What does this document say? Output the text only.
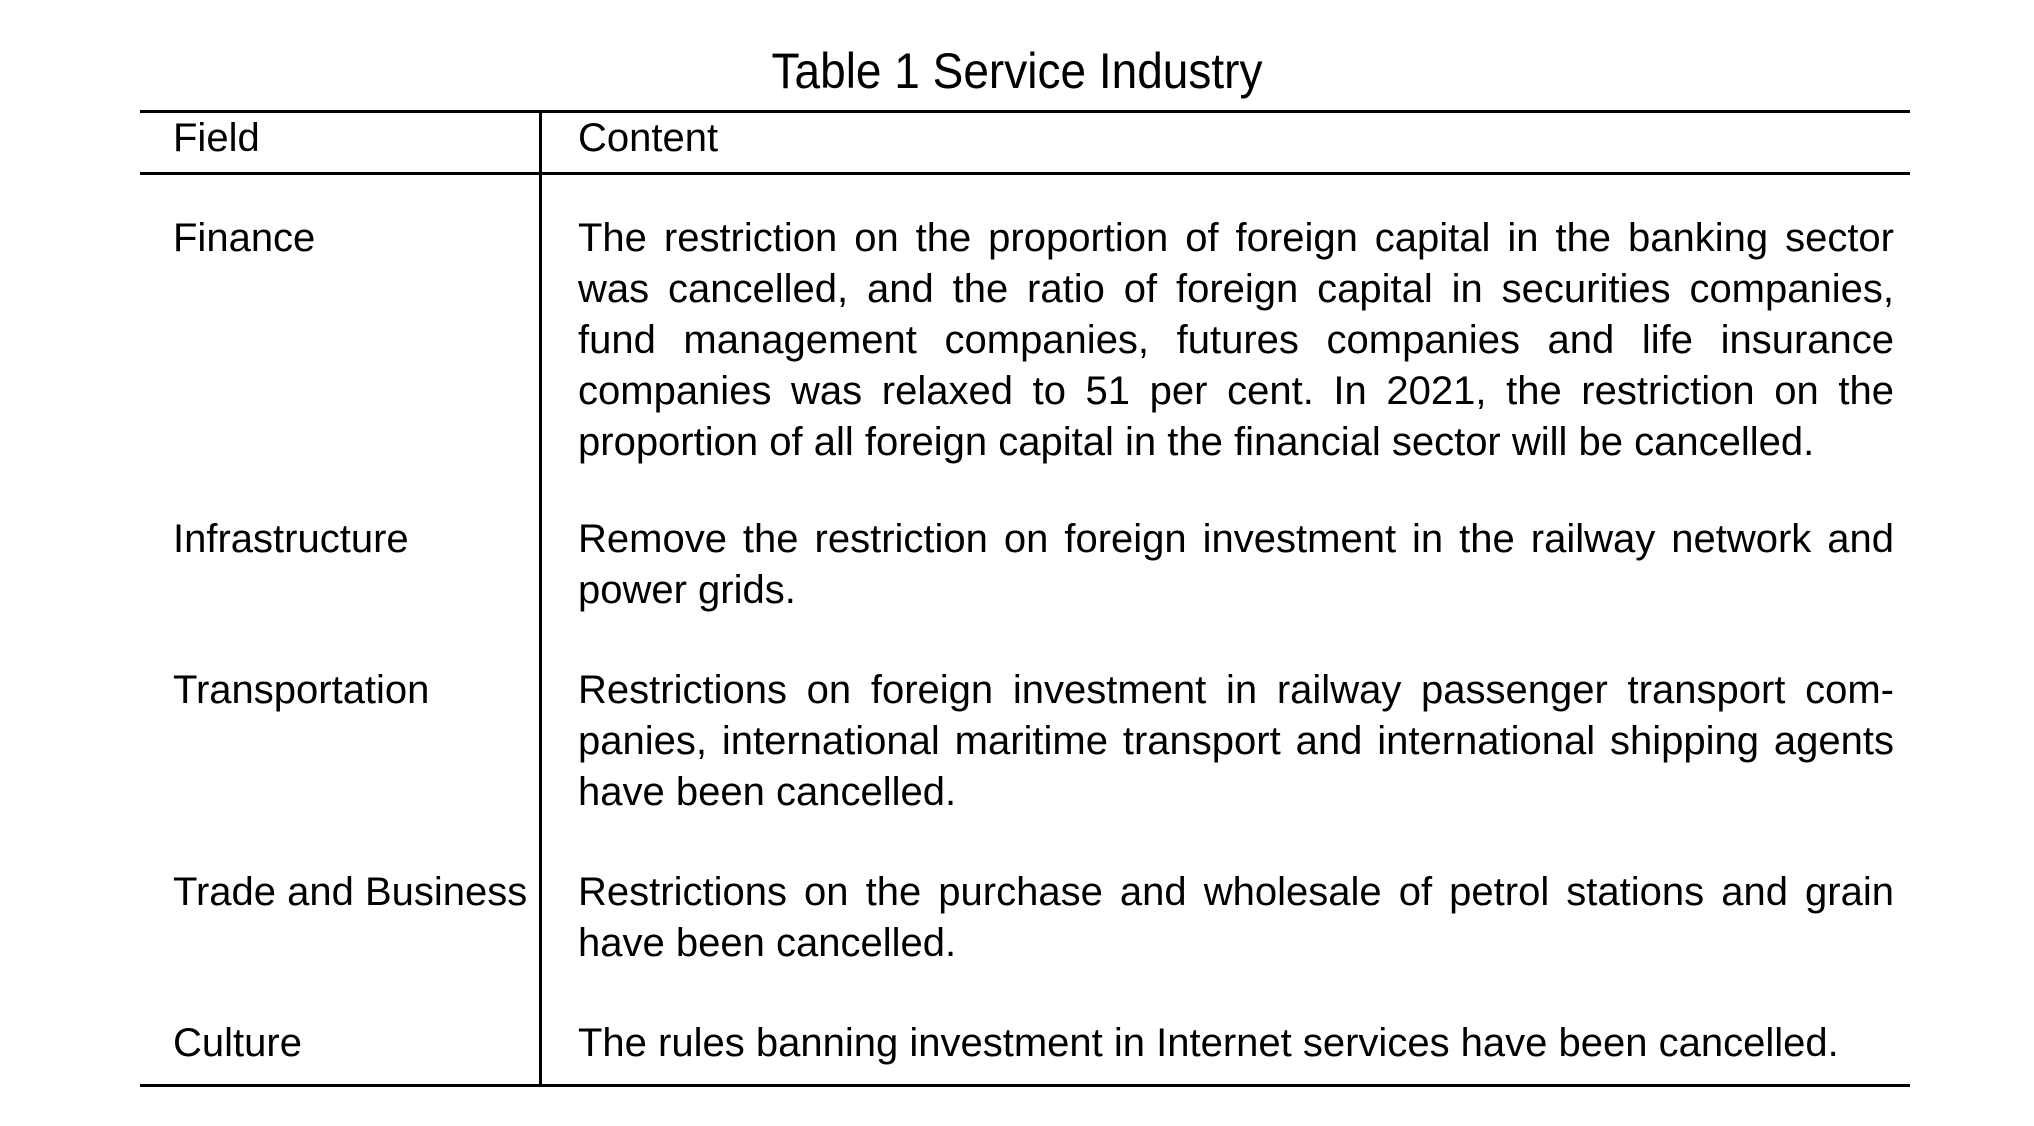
Table 1 Service Industry
Field	Content
Finance	The restriction on the proportion of foreign capital in the banking sector was cancelled, and the ratio of foreign capital in securities companies, fund management companies, futures companies and life insurance companies was relaxed to 51 per cent. In 2021, the restriction on the proportion of all foreign capital in the financial sector will be cancelled.
Infrastructure	Remove the restriction on foreign investment in the railway network and power grids.
Transportation	Restrictions on foreign investment in railway passenger transport companies, international maritime transport and international shipping agents have been cancelled.
Trade and Business	Restrictions on the purchase and wholesale of petrol stations and grain have been cancelled.
Culture	The rules banning investment in Internet services have been cancelled.
